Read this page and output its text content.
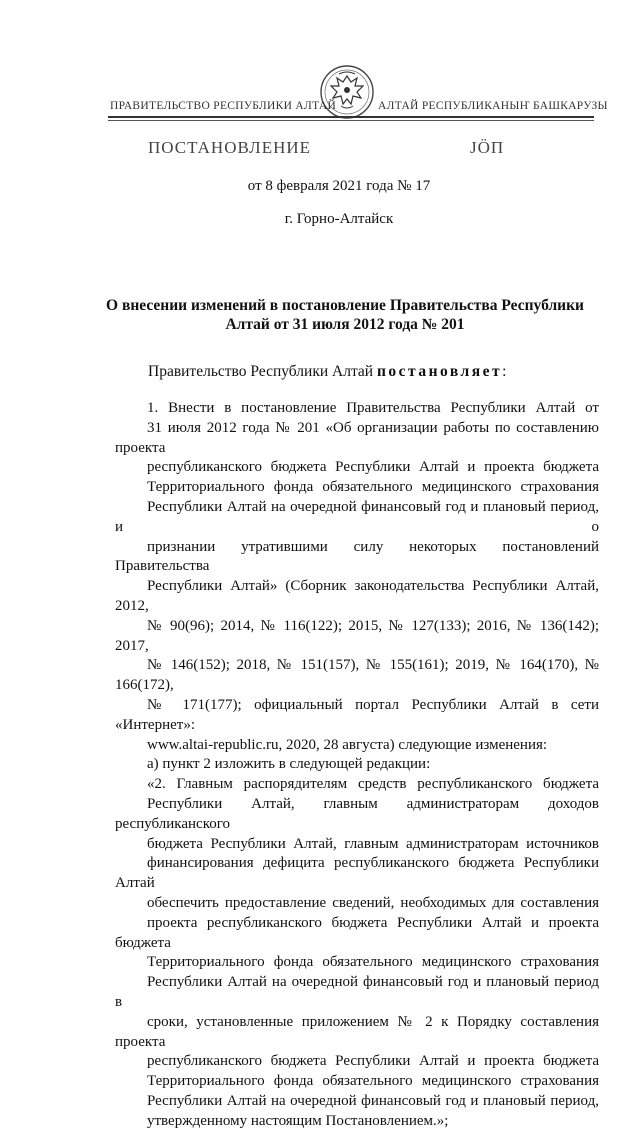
ПРАВИТЕЛЬСТВО РЕСПУБЛИКИ АЛТАЙ	АЛТАЙ РЕСПУБЛИКАНЫҤ БАШКАРУЗЫ
ПОСТАНОВЛЕНИЕ	ЈӦП
от 8 февраля 2021 года № 17
г. Горно-Алтайск
О внесении изменений в постановление Правительства Республики
Алтай от 31 июля 2012 года № 201
Правительство Республики Алтай постановляет:

1. Внести в постановление Правительства Республики Алтай от
31 июля 2012 года № 201 «Об организации работы по составлению проекта
республиканского бюджета Республики Алтай и проекта бюджета
Территориального фонда обязательного медицинского страхования
Республики Алтай на очередной финансовый год и плановый период, и о
признании утратившими силу некоторых постановлений Правительства
Республики Алтай» (Сборник законодательства Республики Алтай, 2012,
№ 90(96); 2014, № 116(122); 2015, № 127(133); 2016, № 136(142); 2017,
№ 146(152); 2018, № 151(157), № 155(161); 2019, № 164(170), № 166(172),
№ 171(177); официальный портал Республики Алтай в сети «Интернет»:
www.altai-republic.ru, 2020, 28 августа) следующие изменения:

а) пункт 2 изложить в следующей редакции:

«2. Главным распорядителям средств республиканского бюджета
Республики Алтай, главным администраторам доходов республиканского
бюджета Республики Алтай, главным администраторам источников
финансирования дефицита республиканского бюджета Республики Алтай
обеспечить предоставление сведений, необходимых для составления
проекта республиканского бюджета Республики Алтай и проекта бюджета
Территориального фонда обязательного медицинского страхования
Республики Алтай на очередной финансовый год и плановый период в
сроки, установленные приложением № 2 к Порядку составления проекта
республиканского бюджета Республики Алтай и проекта бюджета
Территориального фонда обязательного медицинского страхования
Республики Алтай на очередной финансовый год и плановый период,
утвержденному настоящим Постановлением.»;
